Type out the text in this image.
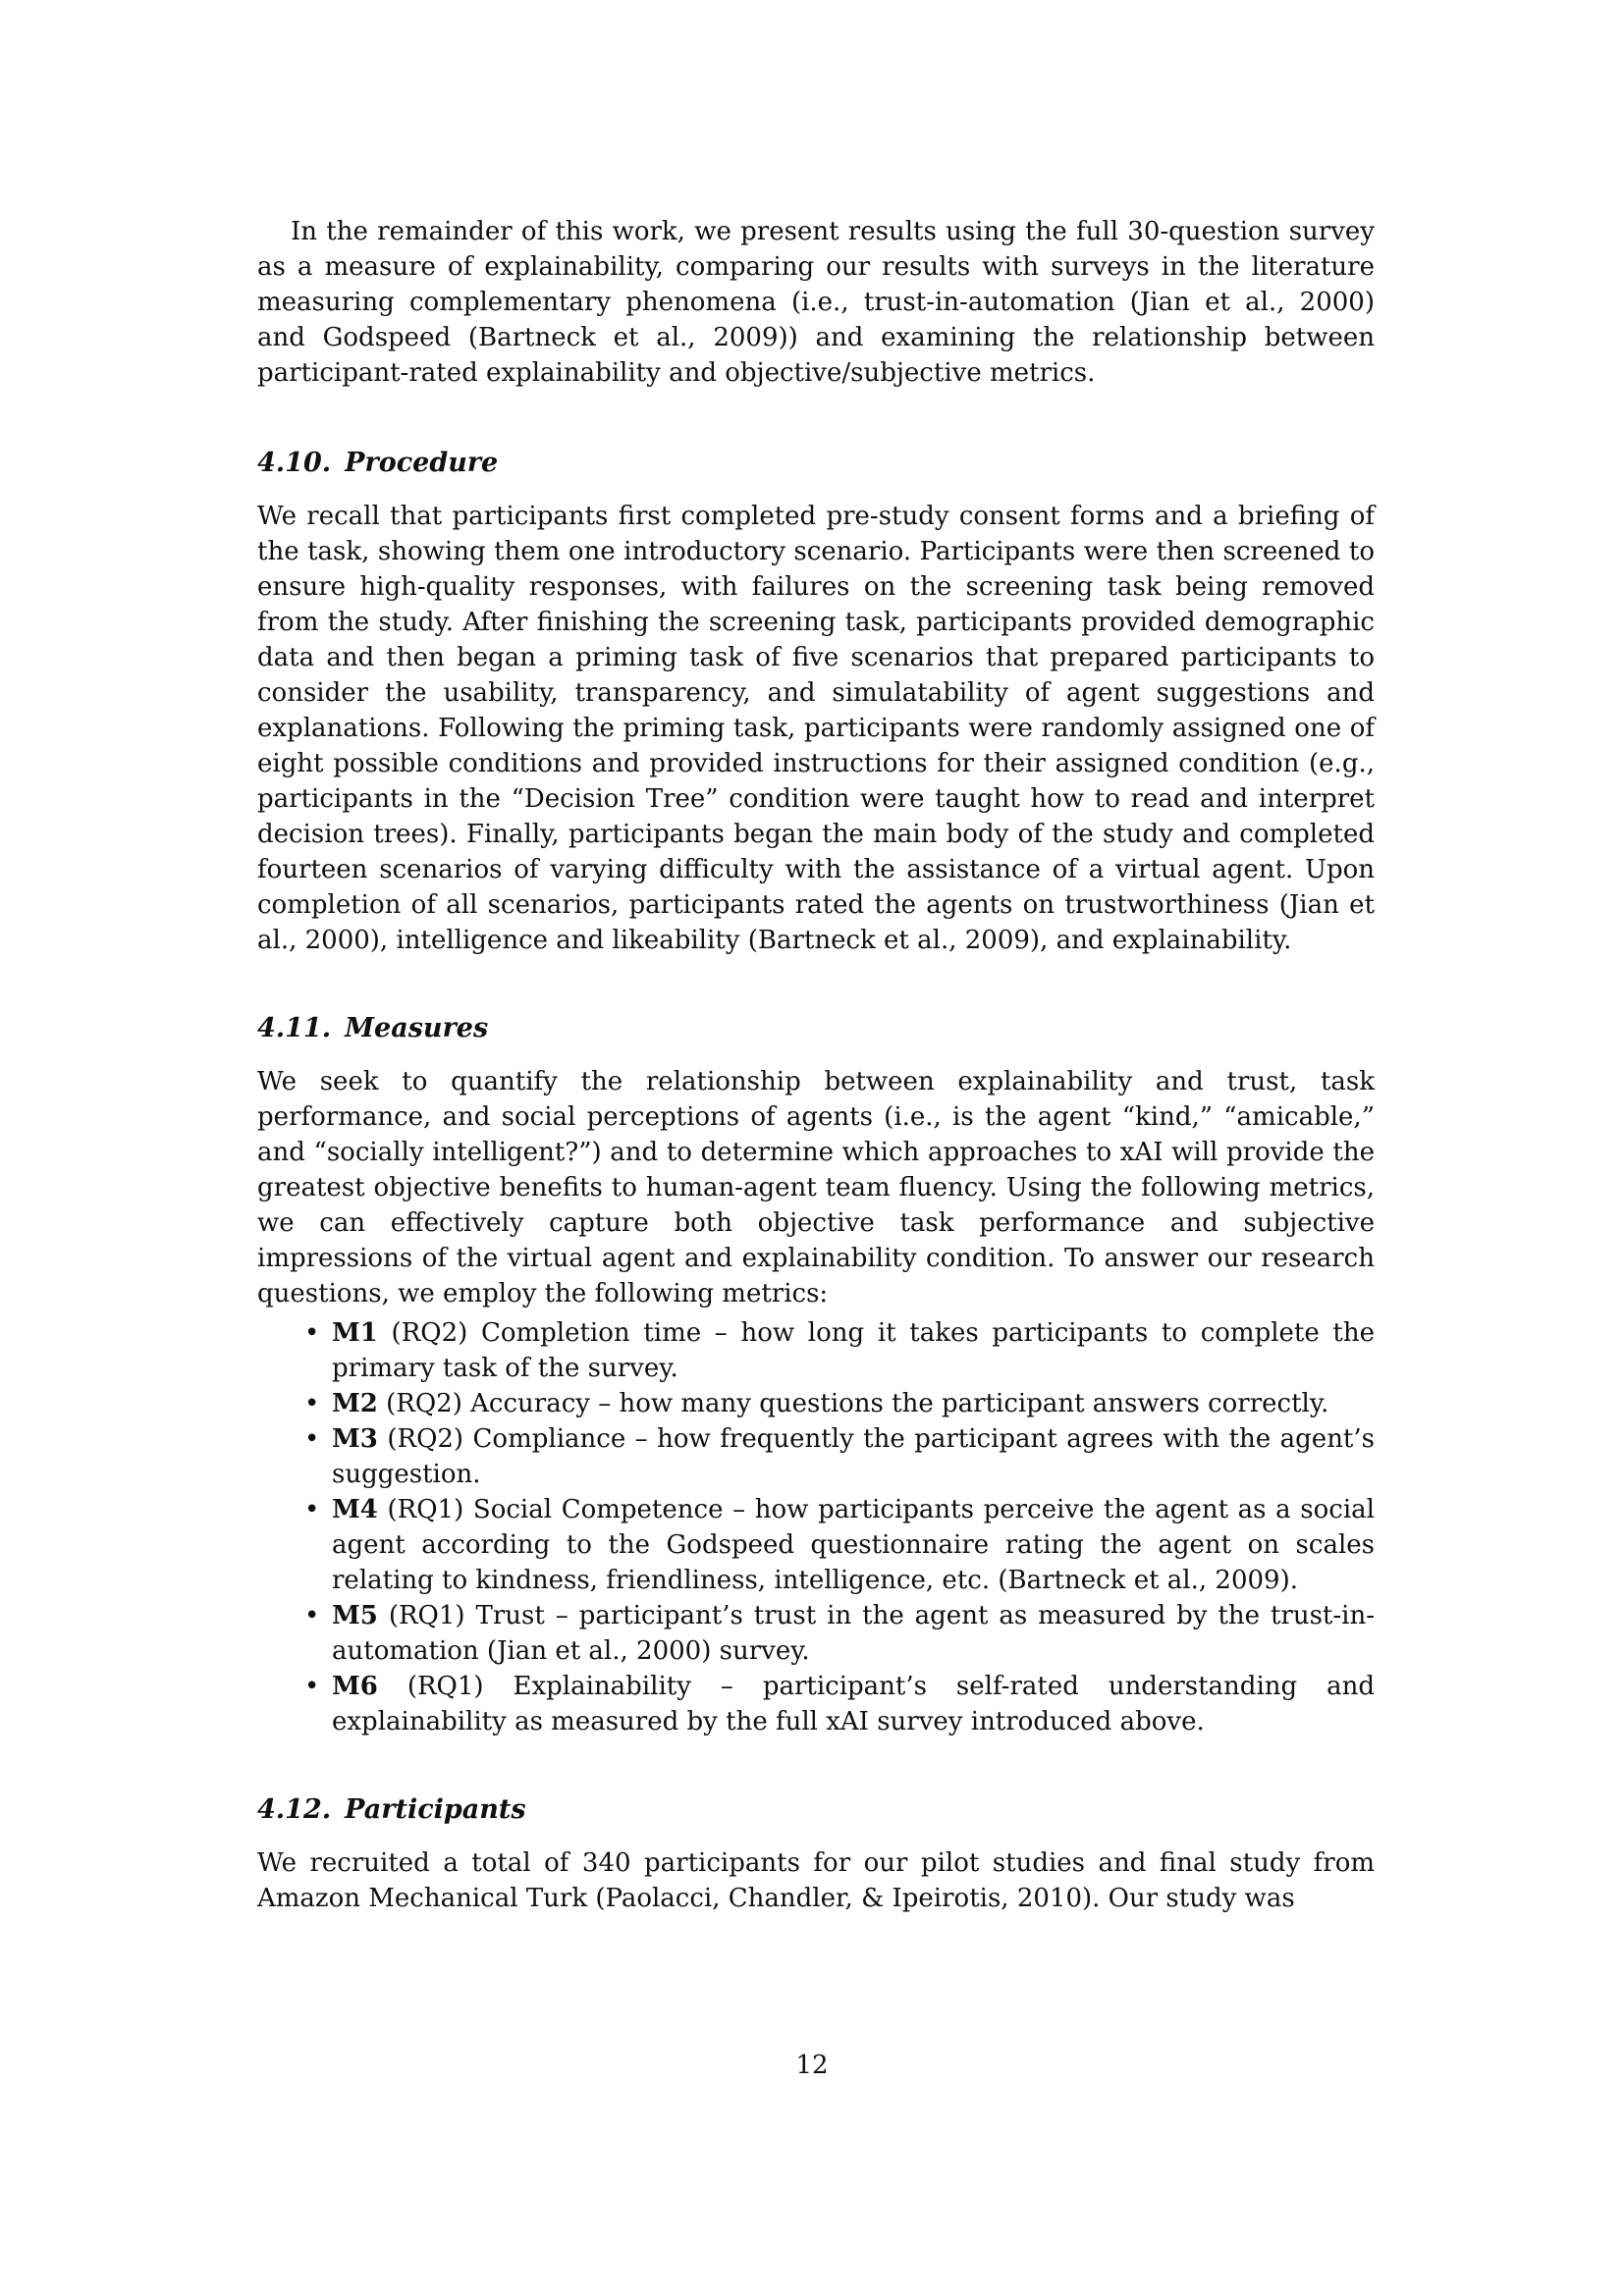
In the remainder of this work, we present results using the full 30-question survey as a measure of explainability, comparing our results with surveys in the literature measuring complementary phenomena (i.e., trust-in-automation (Jian et al., 2000) and Godspeed (Bartneck et al., 2009)) and examining the relationship between participant-rated explainability and objective/subjective metrics.

4.10. Procedure

We recall that participants first completed pre-study consent forms and a briefing of the task, showing them one introductory scenario. Participants were then screened to ensure high-quality responses, with failures on the screening task being removed from the study. After finishing the screening task, participants provided demographic data and then began a priming task of five scenarios that prepared participants to consider the usability, transparency, and simulatability of agent suggestions and explanations. Following the priming task, participants were randomly assigned one of eight possible conditions and provided instructions for their assigned condition (e.g., participants in the “Decision Tree” condition were taught how to read and interpret decision trees). Finally, participants began the main body of the study and completed fourteen scenarios of varying difficulty with the assistance of a virtual agent. Upon completion of all scenarios, participants rated the agents on trustworthiness (Jian et al., 2000), intelligence and likeability (Bartneck et al., 2009), and explainability.

4.11. Measures

We seek to quantify the relationship between explainability and trust, task performance, and social perceptions of agents (i.e., is the agent “kind,” “amicable,” and “socially intelligent?”) and to determine which approaches to xAI will provide the greatest objective benefits to human-agent team fluency. Using the following metrics, we can effectively capture both objective task performance and subjective impressions of the virtual agent and explainability condition. To answer our research questions, we employ the following metrics:

• M1 (RQ2) Completion time – how long it takes participants to complete the primary task of the survey.
• M2 (RQ2) Accuracy – how many questions the participant answers correctly.
• M3 (RQ2) Compliance – how frequently the participant agrees with the agent’s suggestion.
• M4 (RQ1) Social Competence – how participants perceive the agent as a social agent according to the Godspeed questionnaire rating the agent on scales relating to kindness, friendliness, intelligence, etc. (Bartneck et al., 2009).
• M5 (RQ1) Trust – participant’s trust in the agent as measured by the trust-in-automation (Jian et al., 2000) survey.
• M6 (RQ1) Explainability – participant’s self-rated understanding and explainability as measured by the full xAI survey introduced above.
4.12. Participants

We recruited a total of 340 participants for our pilot studies and final study from Amazon Mechanical Turk (Paolacci, Chandler, & Ipeirotis, 2010). Our study was

12
